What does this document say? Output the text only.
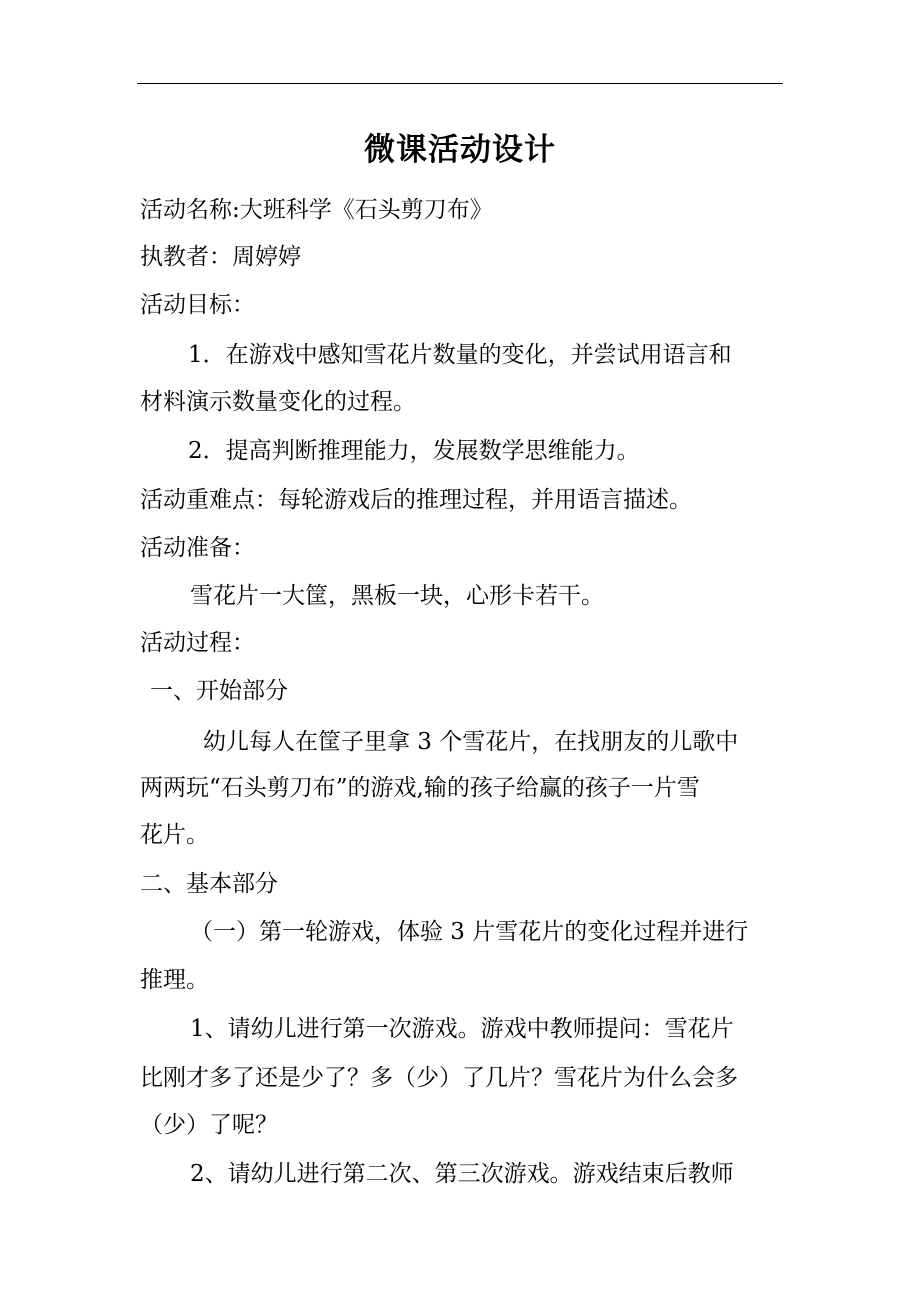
微课活动设计
活动名称:大班科学《石头剪刀布》
执教者：周婷婷
活动目标：
1．在游戏中感知雪花片数量的变化，并尝试用语言和
材料演示数量变化的过程。
2．提高判断推理能力，发展数学思维能力。
活动重难点：每轮游戏后的推理过程，并用语言描述。
活动准备：
雪花片一大筐，黑板一块，心形卡若干。
活动过程：
一、开始部分
幼儿每人在筐子里拿 3 个雪花片，在找朋友的儿歌中
两两玩“石头剪刀布”的游戏,输的孩子给赢的孩子一片雪
花片。
二、基本部分
（一）第一轮游戏，体验 3 片雪花片的变化过程并进行
推理。
1、请幼儿进行第一次游戏。游戏中教师提问：雪花片
比刚才多了还是少了？多（少）了几片？雪花片为什么会多
（少）了呢？
2、请幼儿进行第二次、第三次游戏。游戏结束后教师
